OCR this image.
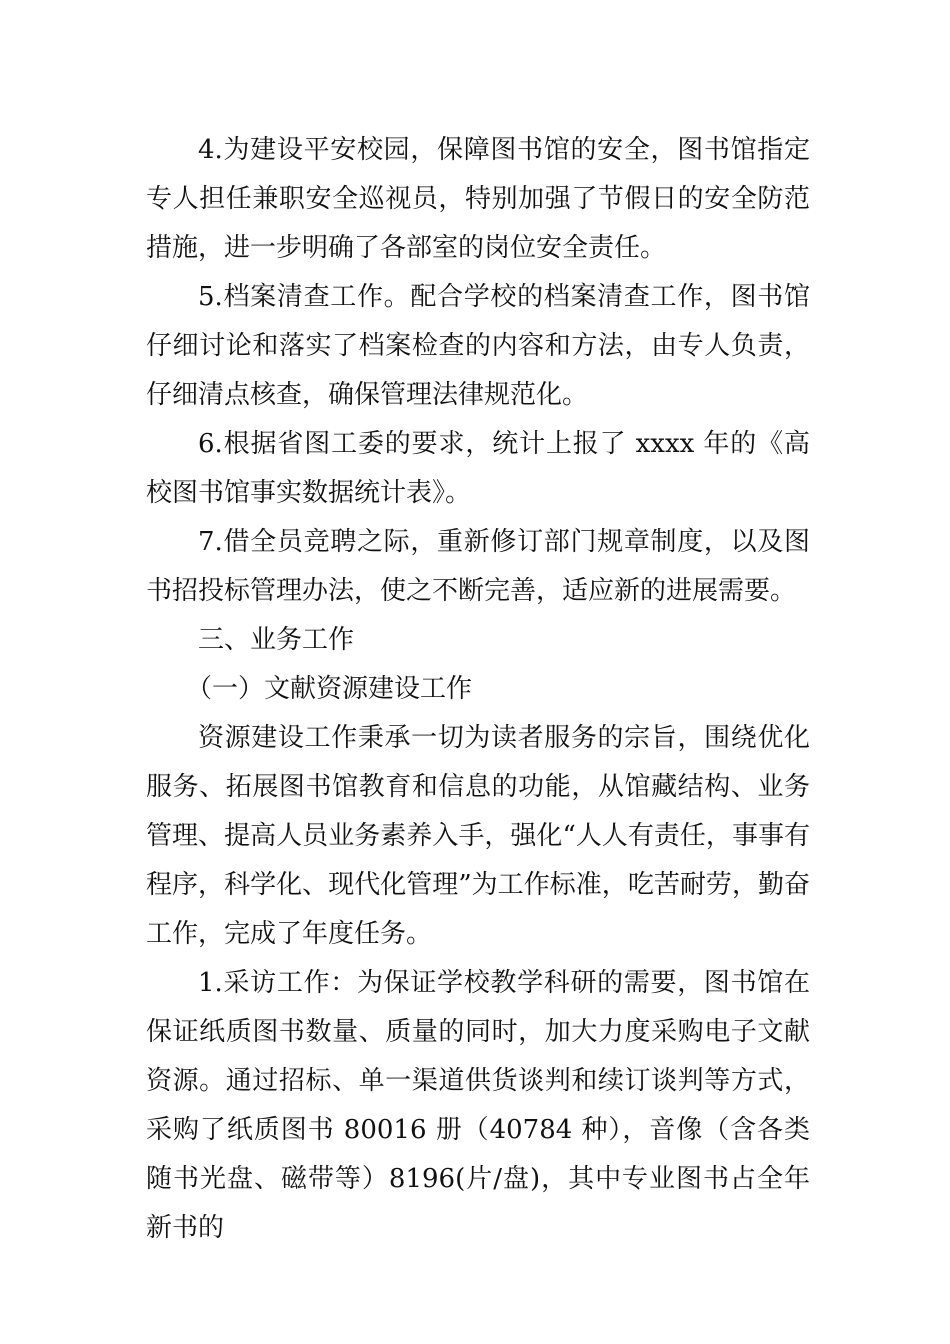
4.为建设平安校园，保障图书馆的安全，图书馆指定专人担任兼职安全巡视员，特别加强了节假日的安全防范措施，进一步明确了各部室的岗位安全责任。

5.档案清查工作。配合学校的档案清查工作，图书馆仔细讨论和落实了档案检查的内容和方法，由专人负责，仔细清点核查，确保管理法律规范化。

6.根据省图工委的要求，统计上报了 xxxx 年的《高校图书馆事实数据统计表》。

7.借全员竞聘之际，重新修订部门规章制度，以及图书招投标管理办法，使之不断完善，适应新的进展需要。

三、业务工作

（一）文献资源建设工作

资源建设工作秉承一切为读者服务的宗旨，围绕优化服务、拓展图书馆教育和信息的功能，从馆藏结构、业务管理、提高人员业务素养入手，强化“人人有责任，事事有程序，科学化、现代化管理”为工作标准，吃苦耐劳，勤奋工作，完成了年度任务。

1.采访工作：为保证学校教学科研的需要，图书馆在保证纸质图书数量、质量的同时，加大力度采购电子文献资源。通过招标、单一渠道供货谈判和续订谈判等方式，采购了纸质图书 80016 册（40784 种），音像（含各类随书光盘、磁带等）8196(片/盘)，其中专业图书占全年新书的
